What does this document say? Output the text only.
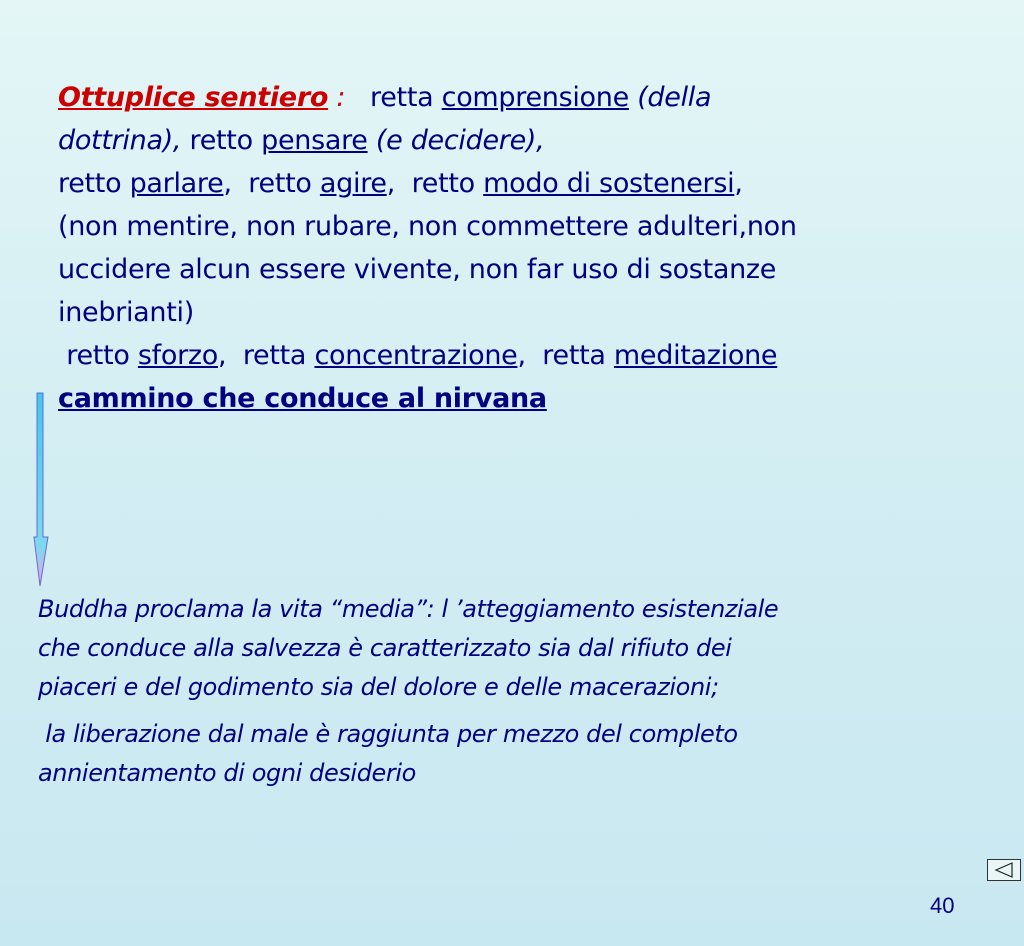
Ottuplice sentiero :   retta comprensione (della
dottrina), retto pensare (e decidere),
retto parlare,  retto agire,  retto modo di sostenersi,
(non mentire, non rubare, non commettere adulteri,non
uccidere alcun essere vivente, non far uso di sostanze
inebrianti)
retto sforzo,  retta concentrazione,  retta meditazione
cammino che conduce al nirvana
Buddha proclama la vita “media”: l ’atteggiamento esistenziale
che conduce alla salvezza è caratterizzato sia dal rifiuto dei
piaceri e del godimento sia del dolore e delle macerazioni;
la liberazione dal male è raggiunta per mezzo del completo
annientamento di ogni desiderio
40
